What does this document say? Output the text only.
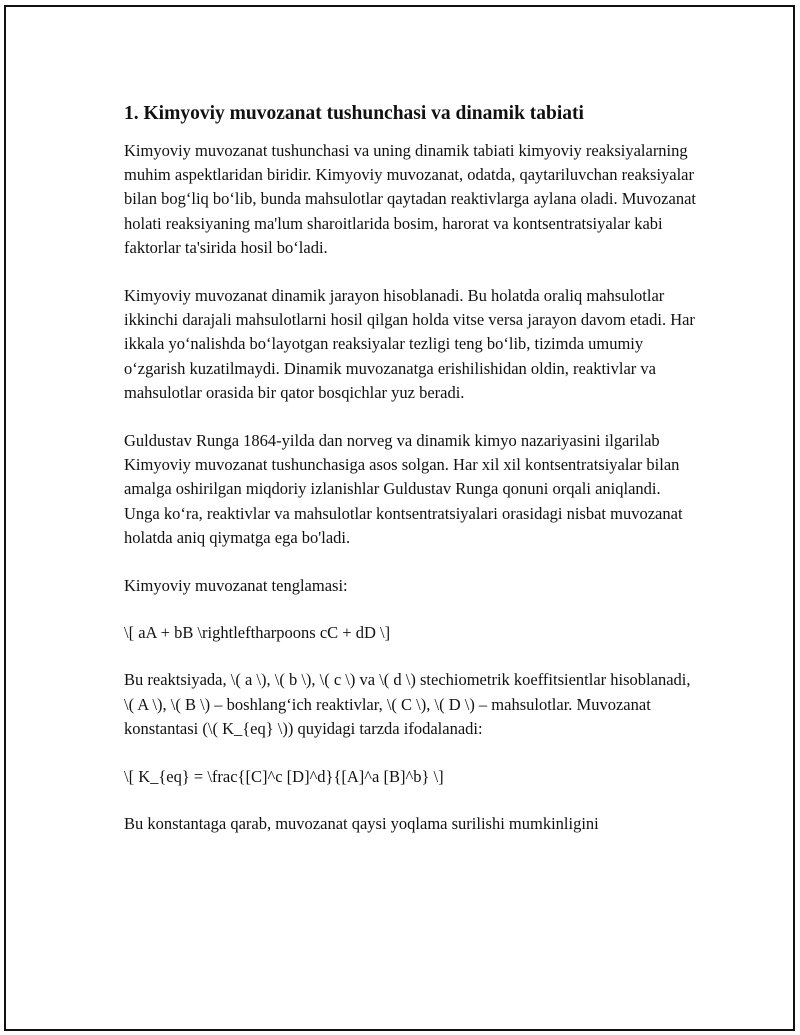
1. Kimyoviy muvozanat tushunchasi va dinamik tabiati

Kimyoviy muvozanat tushunchasi va uning dinamik tabiati kimyoviy reaksiyalarning muhim aspektlaridan biridir. Kimyoviy muvozanat, odatda, qaytariluvchan reaksiyalar bilan bog‘liq bo‘lib, bunda mahsulotlar qaytadan reaktivlarga aylana oladi. Muvozanat holati reaksiyaning ma'lum sharoitlarida bosim, harorat va kontsentratsiyalar kabi faktorlar ta'sirida hosil bo‘ladi.

Kimyoviy muvozanat dinamik jarayon hisoblanadi. Bu holatda oraliq mahsulotlar ikkinchi darajali mahsulotlarni hosil qilgan holda vitse versa jarayon davom etadi. Har ikkala yo‘nalishda bo‘layotgan reaksiyalar tezligi teng bo‘lib, tizimda umumiy o‘zgarish kuzatilmaydi. Dinamik muvozanatga erishilishidan oldin, reaktivlar va mahsulotlar orasida bir qator bosqichlar yuz beradi.

Guldustav Runga 1864-yilda dan norveg va dinamik kimyo nazariyasini ilgarilab Kimyoviy muvozanat tushunchasiga asos solgan. Har xil xil kontsentratsiyalar bilan amalga oshirilgan miqdoriy izlanishlar Guldustav Runga qonuni orqali aniqlandi. Unga ko‘ra, reaktivlar va mahsulotlar kontsentratsiyalari orasidagi nisbat muvozanat holatda aniq qiymatga ega bo'ladi.

Kimyoviy muvozanat tenglamasi:

\[ aA + bB \rightleftharpoons cC + dD \]

Bu reaktsiyada, \( a \), \( b \), \( c \) va \( d \) stechiometrik koeffitsientlar hisoblanadi, \( A \), \( B \) – boshlang‘ich reaktivlar, \( C \), \( D \) – mahsulotlar. Muvozanat konstantasi (\( K_{eq} \)) quyidagi tarzda ifodalanadi:

\[ K_{eq} = \frac{[C]^c [D]^d}{[A]^a [B]^b} \]

Bu konstantaga qarab, muvozanat qaysi yoqlama surilishi mumkinligini
